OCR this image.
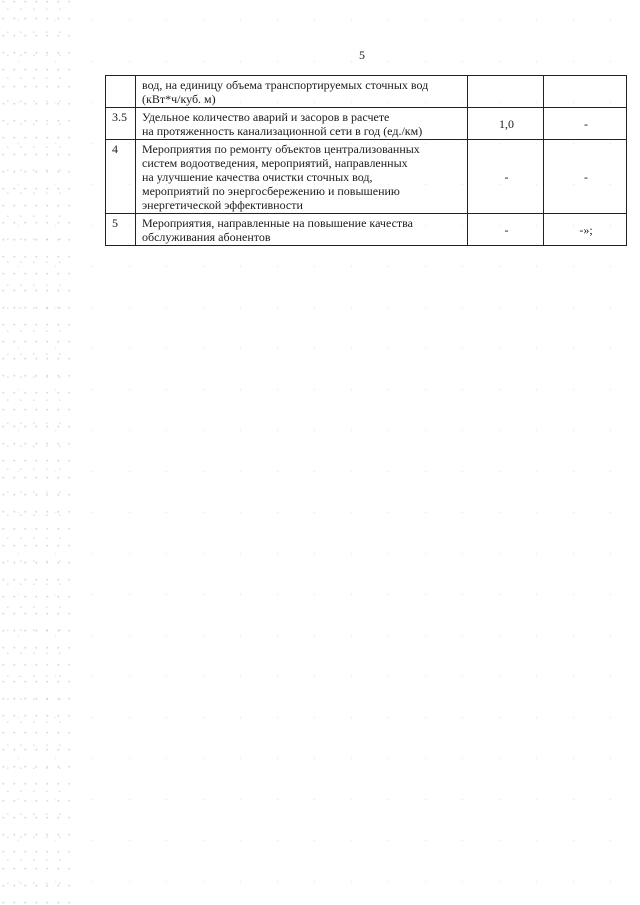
5

	вод, на единицу объема транспортируемых сточных вод
(кВт*ч/куб. м)		

3.5	Удельное количество аварий и засоров в расчете
на протяженность канализационной сети в год (ед./км)	1,0	-
4	Мероприятия по ремонту объектов централизованных
систем водоотведения, мероприятий, направленных
на улучшение качества очистки сточных вод,
мероприятий по энергосбережению и повышению
энергетической эффективности	-	-
5	Мероприятия, направленные на повышение качества
обслуживания абонентов	-	-»;
